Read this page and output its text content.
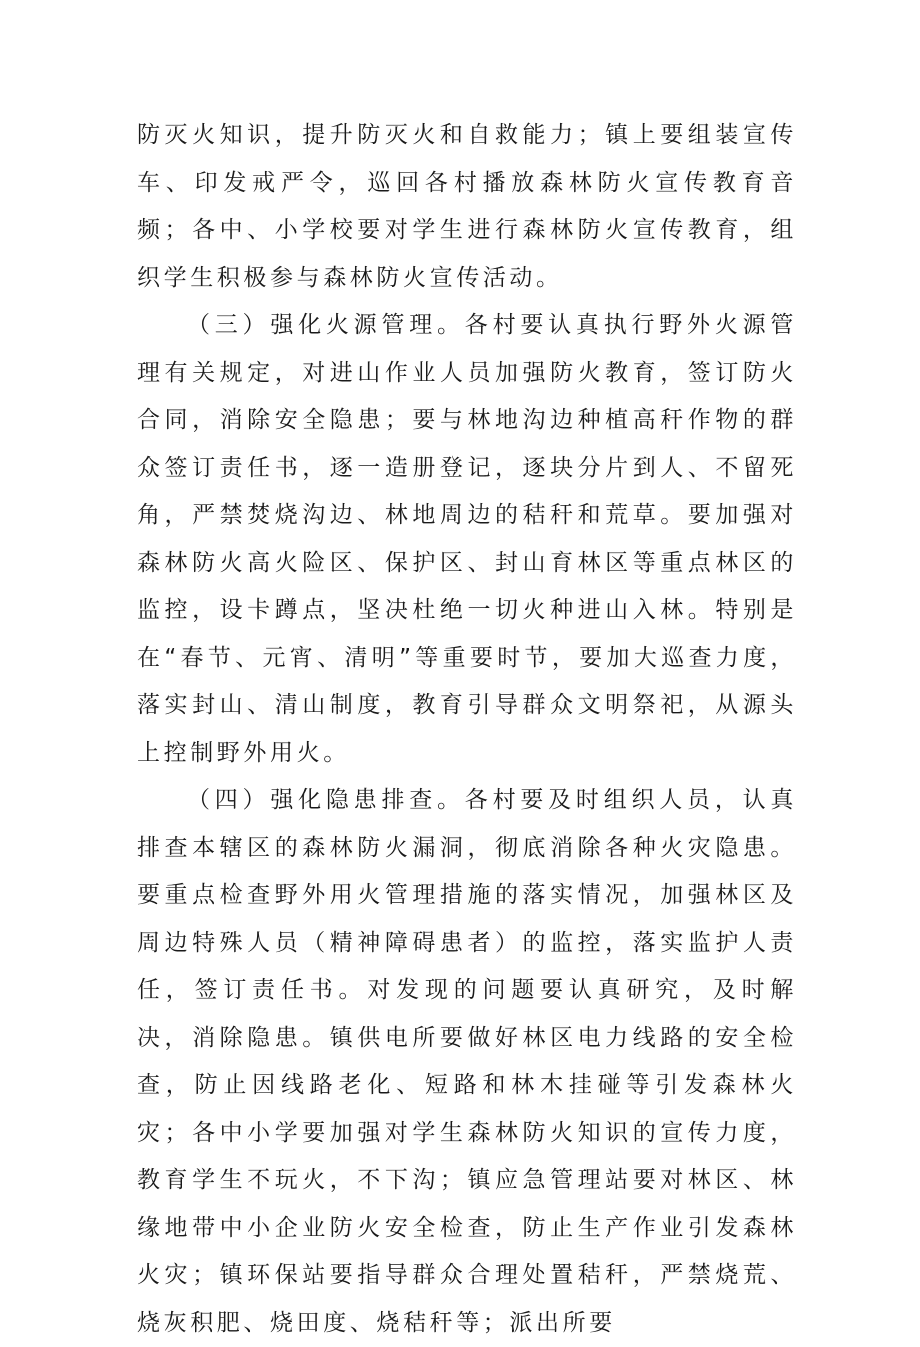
防灭火知识，提升防灭火和自救能力；镇上要组装宣传车、印发戒严令，巡回各村播放森林防火宣传教育音频；各中、小学校要对学生进行森林防火宣传教育，组织学生积极参与森林防火宣传活动。

（三）强化火源管理。各村要认真执行野外火源管理有关规定，对进山作业人员加强防火教育，签订防火合同，消除安全隐患；要与林地沟边种植高秆作物的群众签订责任书，逐一造册登记，逐块分片到人、不留死角，严禁焚烧沟边、林地周边的秸秆和荒草。要加强对森林防火高火险区、保护区、封山育林区等重点林区的监控，设卡蹲点，坚决杜绝一切火种进山入林。特别是在“春节、元宵、清明”等重要时节，要加大巡查力度，落实封山、清山制度，教育引导群众文明祭祀，从源头上控制野外用火。

（四）强化隐患排查。各村要及时组织人员，认真排查本辖区的森林防火漏洞，彻底消除各种火灾隐患。要重点检查野外用火管理措施的落实情况，加强林区及周边特殊人员（精神障碍患者）的监控，落实监护人责任，签订责任书。对发现的问题要认真研究，及时解决，消除隐患。镇供电所要做好林区电力线路的安全检查，防止因线路老化、短路和林木挂碰等引发森林火灾；各中小学要加强对学生森林防火知识的宣传力度，教育学生不玩火，不下沟；镇应急管理站要对林区、林缘地带中小企业防火安全检查，防止生产作业引发森林火灾；镇环保站要指导群众合理处置秸秆，严禁烧荒、烧灰积肥、烧田度、烧秸秆等；派出所要
